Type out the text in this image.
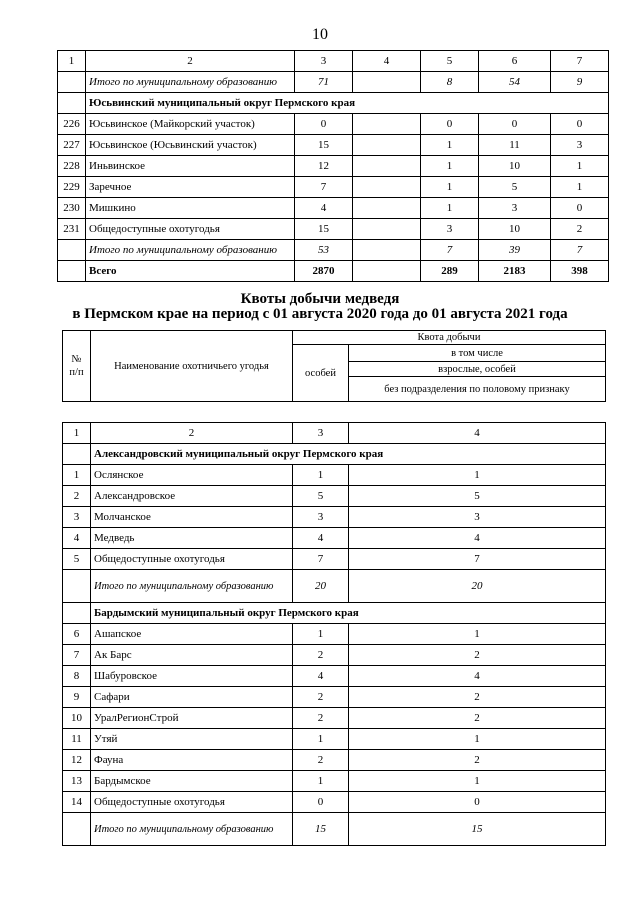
10
1	2	3	4	5	6	7
	Итого по муниципальному образованию	71		8	54	9
	Юсьвинский муниципальный округ Пермского края					
226	Юсьвинское (Майкорский участок)	0		0	0	0
227	Юсьвинское (Юсьвинский участок)	15		1	11	3
228	Иньвинское	12		1	10	1
229	Заречное	7		1	5	1
230	Мишкино	4		1	3	0
231	Общедоступные охотугодья	15		3	10	2
	Итого по муниципальному образованию	53		7	39	7
	Всего	2870		289	2183	398
Квоты добычи медведя
в Пермском крае на период с 01 августа 2020 года до 01 августа 2021 года
№ п/п	Наименование охотничьего угодья	Квота добычи	
		особей	в том числе
			взрослые, особей
			без подразделения по половому признаку

1	2	3	4
	Александровский муниципальный округ Пермского края		
1	Ослянское	1	1
2	Александровское	5	5
3	Молчанское	3	3
4	Медведь	4	4
5	Общедоступные охотугодья	7	7
	Итого по муниципальному образованию	20	20
	Бардымский муниципальный округ Пермского края		
6	Ашапское	1	1
7	Ак Барс	2	2
8	Шабуровское	4	4
9	Сафари	2	2
10	УралРегионСтрой	2	2
11	Утяй	1	1
12	Фауна	2	2
13	Бардымское	1	1
14	Общедоступные охотугодья	0	0
	Итого по муниципальному образованию	15	15
